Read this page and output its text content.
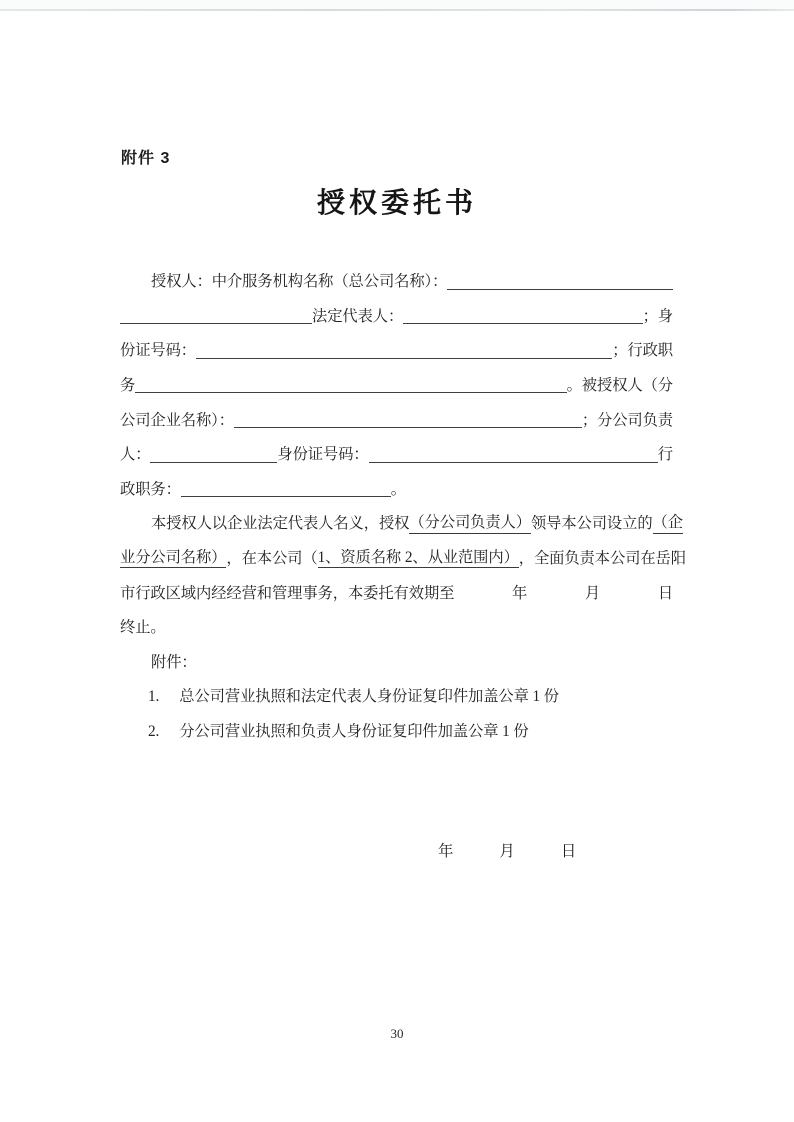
附件 3
授权委托书
授权人：中介服务机构名称（总公司名称）：
法定代表人：	；身
份证号码：	；行政职
务	。被授权人（分
公司企业名称）：	；分公司负责
人：	身份证号码：	行
政职务：	。
本授权人以企业法定代表人名义，授权 （分公司负责人） 领导本公司设立的 （企
业分公司名称） ，在本公司（ 1、资质名称 2、从业范围内） ，全面负责本公司在岳阳
市行政区域内经经营和管理事务，本委托有效期至	年	月	日
终止。
附件：
1. 总公司营业执照和法定代表人身份证复印件加盖公章 1 份
2. 分公司营业执照和负责人身份证复印件加盖公章 1 份
年	月	日
30
